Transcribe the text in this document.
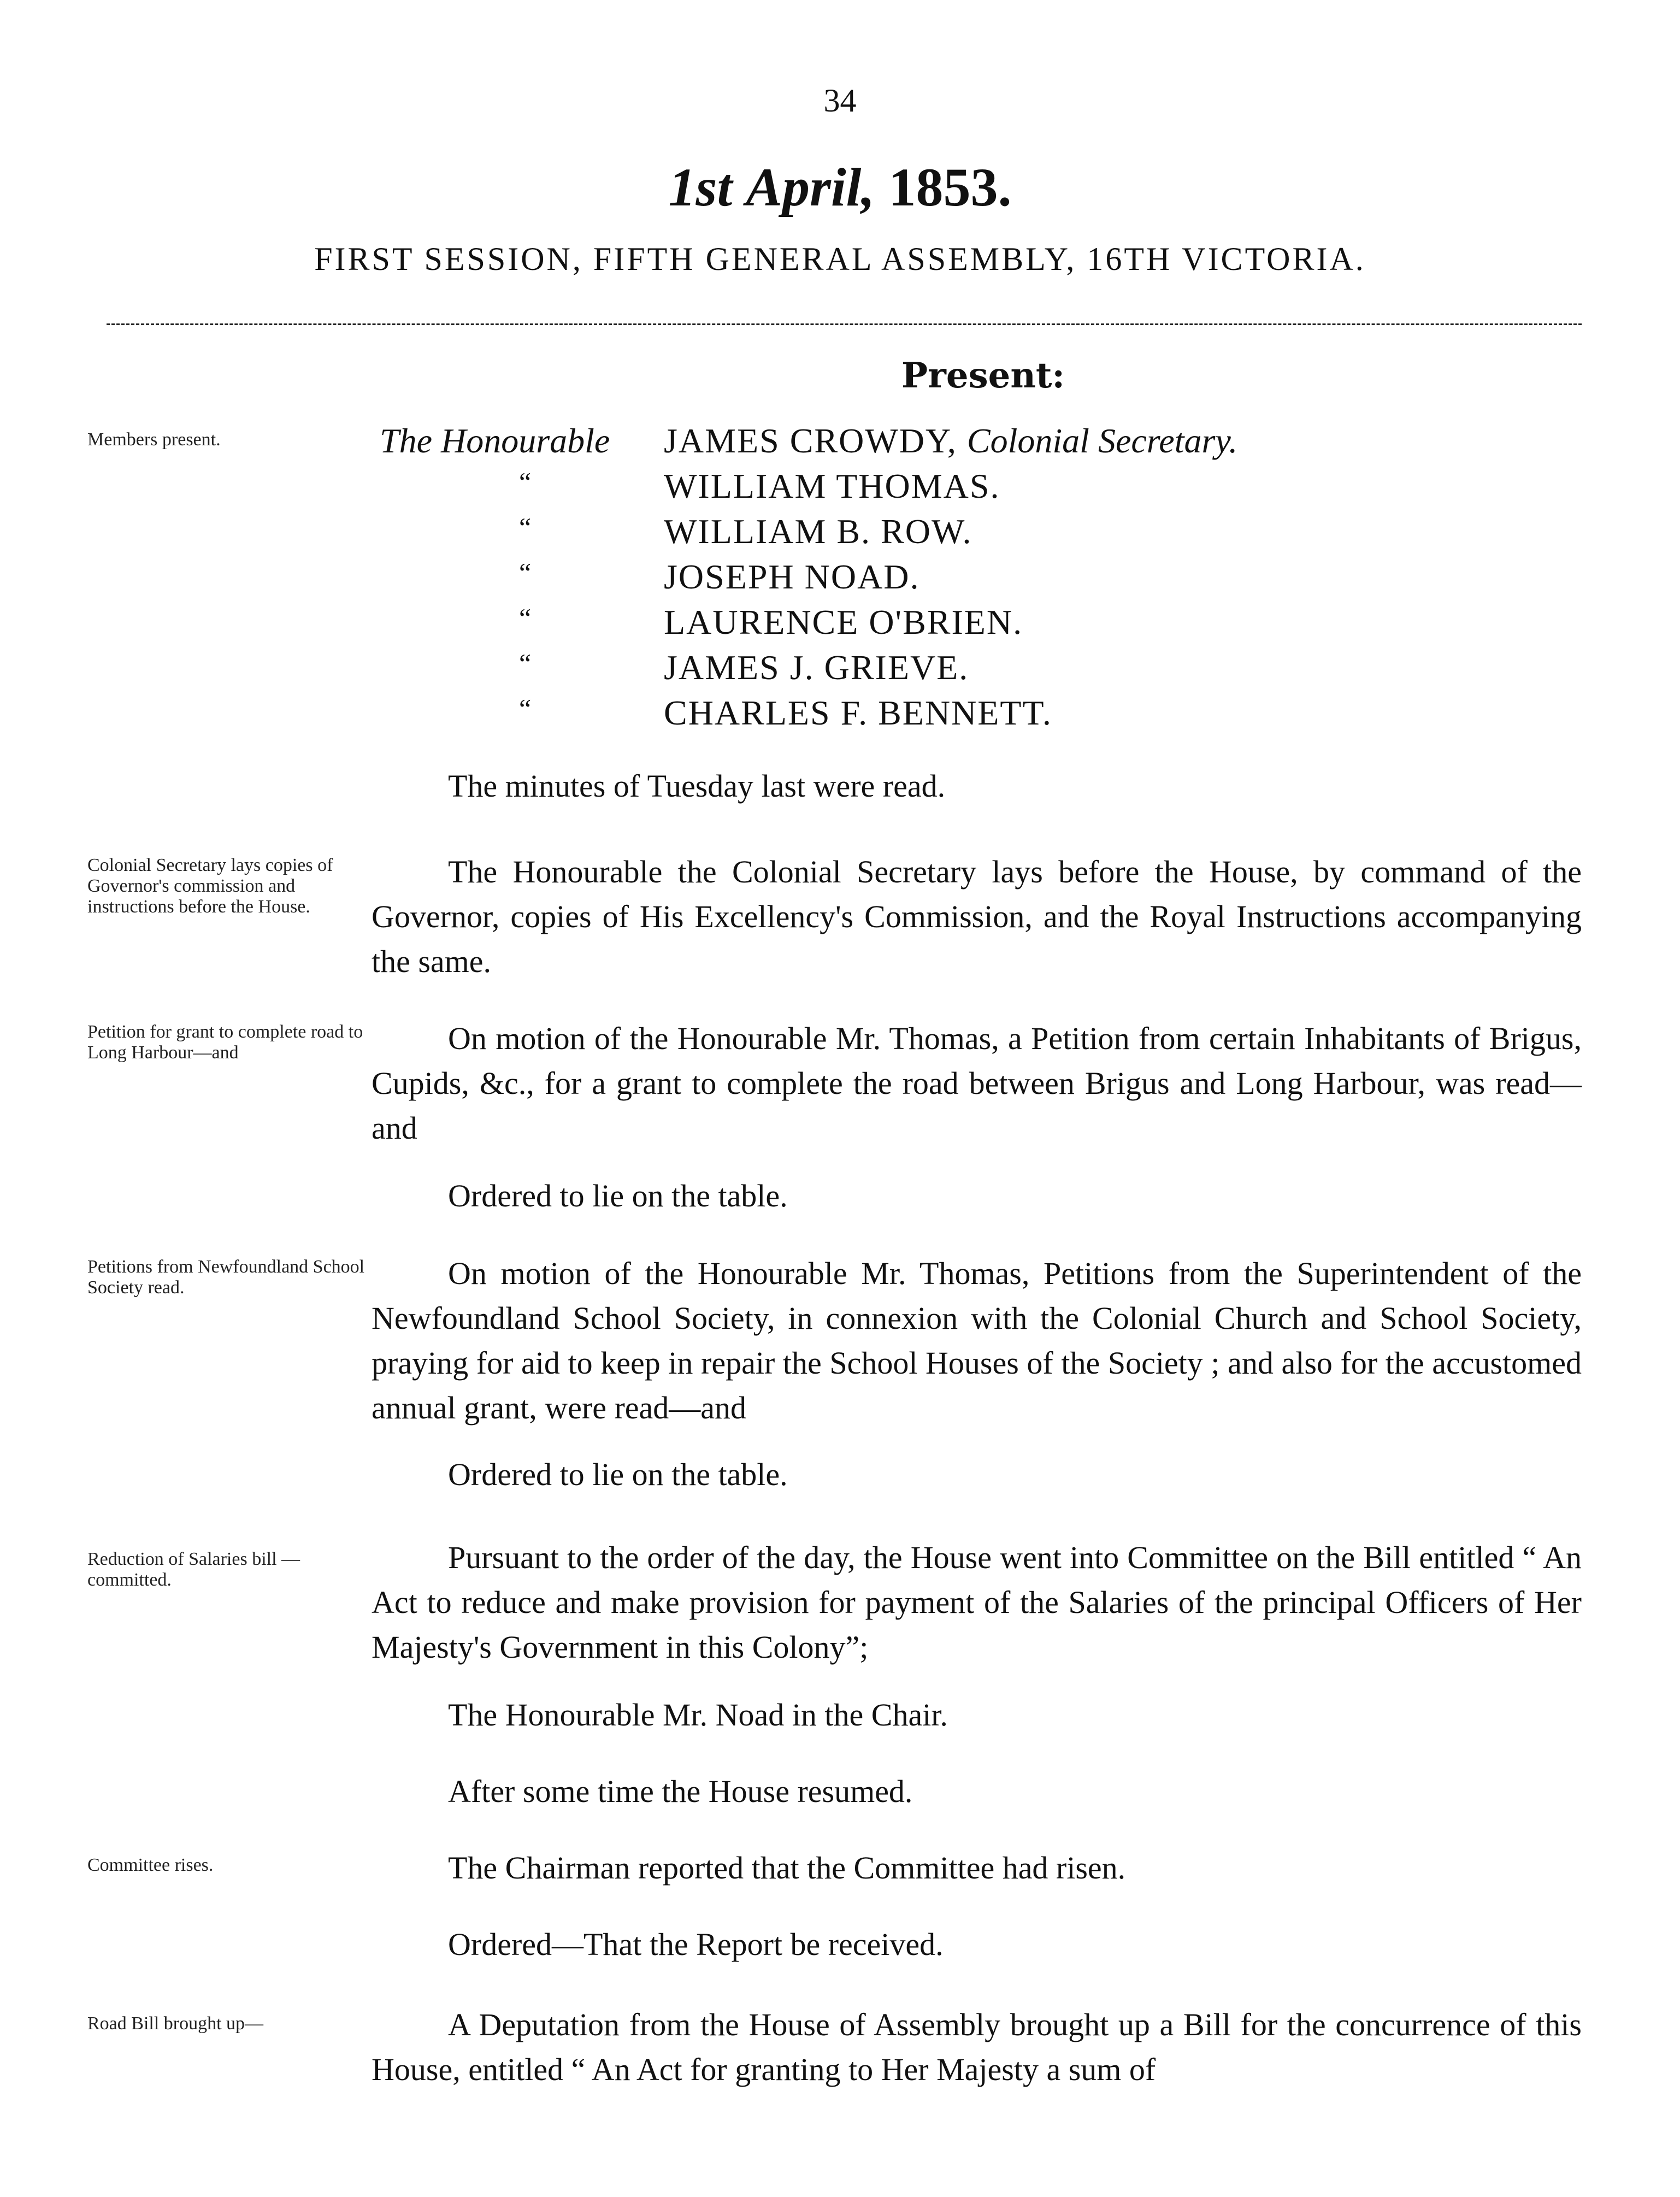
34
1st April, 1853.
FIRST SESSION, FIFTH GENERAL ASSEMBLY, 16TH VICTORIA.
Present:
Members present.	The Honourable	JAMES CROWDY, Colonial Secretary.
“	WILLIAM THOMAS.
“	WILLIAM B. ROW.
“	JOSEPH NOAD.
“	LAURENCE O'BRIEN.
“	JAMES J. GRIEVE.
“	CHARLES F. BENNETT.
The minutes of Tuesday last were read.
Colonial Secretary lays copies of Governor's commission and instructions before the House.
The Honourable the Colonial Secretary lays before the House, by command of the Governor, copies of His Excellency's Commission, and the Royal Instructions accompanying the same.
Petition for grant to complete road to Long Harbour—and	On motion of the Honourable Mr. Thomas, a Petition from certain Inhabitants of Brigus, Cupids, &c., for a grant to complete the road between Brigus and Long Harbour, was read—and
Ordered to lie on the table.
Petitions from Newfoundland School Society read.	On motion of the Honourable Mr. Thomas, Petitions from the Superintendent of the Newfoundland School Society, in connexion with the Colonial Church and School Society, praying for aid to keep in repair the School Houses of the Society ; and also for the accustomed annual grant, were read—and
Ordered to lie on the table.
Reduction of Salaries bill —committed.
Pursuant to the order of the day, the House went into Committee on the Bill entitled “ An Act to reduce and make provision for payment of the Salaries of the principal Officers of Her Majesty's Government in this Colony”;
The Honourable Mr. Noad in the Chair.
After some time the House resumed.
Committee rises.	The Chairman reported that the Committee had risen.
Ordered—That the Report be received.
Road Bill brought up—	A Deputation from the House of Assembly brought up a Bill for the concurrence of this House, entitled “ An Act for granting to Her Majesty a sum of
